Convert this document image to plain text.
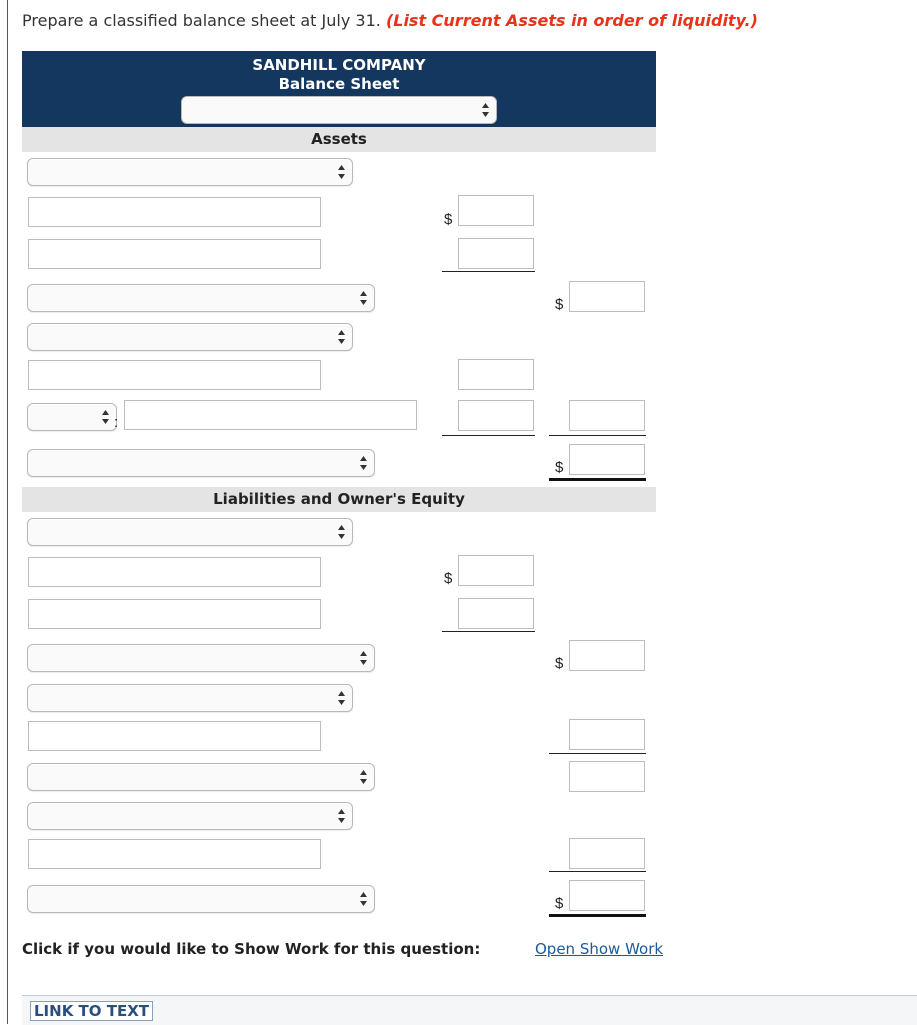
Prepare a classified balance sheet at July 31. (List Current Assets in order of liquidity.)
SANDHILL COMPANY
Balance Sheet
Assets
$
$
:
$
Liabilities and Owner's Equity
$
$
$
Click if you would like to Show Work for this question:	Open Show Work
LINK TO TEXT
